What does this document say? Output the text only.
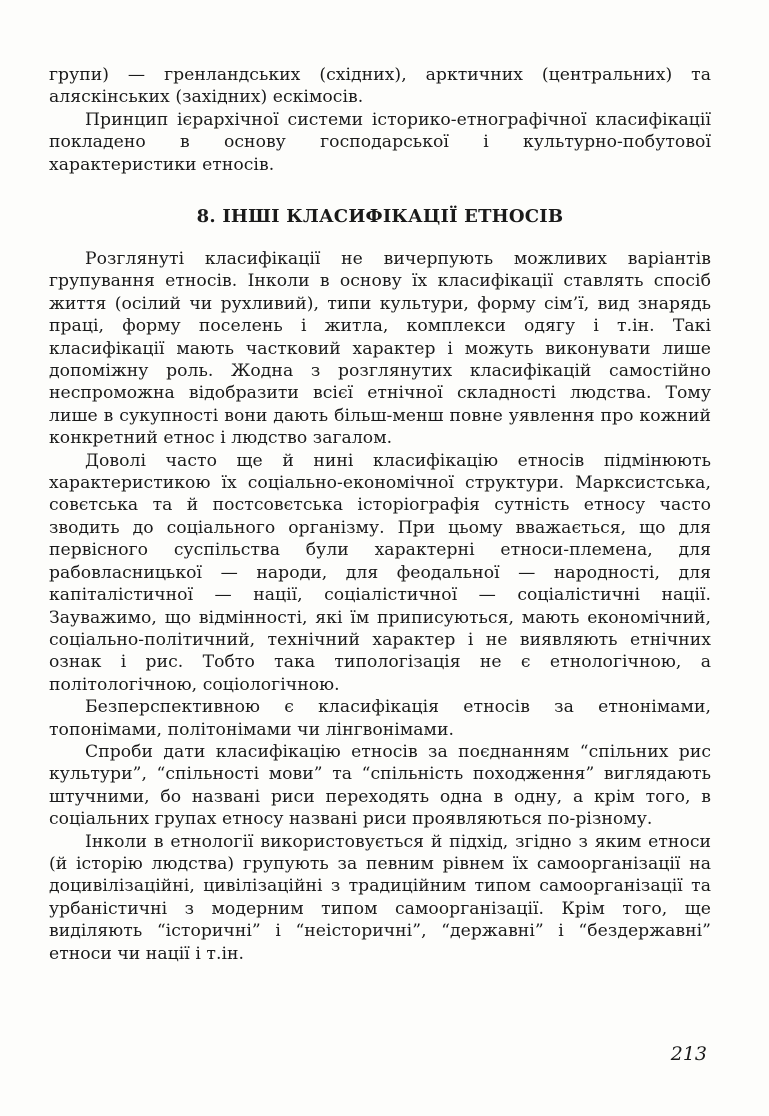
групи) — гренландських (східних), арктичних (центральних) та аляскінських (західних) ескімосів.

Принцип ієрархічної системи історико-етнографічної класифікації покладено в основу господарської і культурно-побутової характеристики етносів.

8. ІНШІ КЛАСИФІКАЦІЇ ЕТНОСІВ

Розглянуті класифікації не вичерпують можливих варіантів групування етносів. Інколи в основу їх класифікації ставлять спосіб життя (осілий чи рухливий), типи культури, форму сім’ї, вид знарядь праці, форму поселень і житла, комплекси одягу і т.ін. Такі класифікації мають частковий характер і можуть виконувати лише допоміжну роль. Жодна з розглянутих класифікацій самостійно неспроможна відобразити всієї етнічної складності людства. Тому лише в сукупності вони дають більш-менш повне уявлення про кожний конкретний етнос і людство загалом.

Доволі часто ще й нині класифікацію етносів підмінюють характеристикою їх соціально-економічної структури. Марксистська, совєтська та й постсовєтська історіографія сутність етносу часто зводить до соціального організму. При цьому вважається, що для первісного суспільства були характерні етноси-племена, для рабовласницької — народи, для феодальної — народності, для капіталістичної — нації, соціалістичної — соціалістичні нації. Зауважимо, що відмінності, які їм приписуються, мають економічний, соціально-політичний, технічний характер і не виявляють етнічних ознак і рис. Тобто така типологізація не є етнологічною, а політологічною, соціологічною.

Безперспективною є класифікація етносів за етнонімами, топонімами, політонімами чи лінгвонімами.

Спроби дати класифікацію етносів за поєднанням “спільних рис культури”, “спільності мови” та “спільність походження” виглядають штучними, бо названі риси переходять одна в одну, а крім того, в соціальних групах етносу названі риси проявляються по-різному.

Інколи в етнології використовується й підхід, згідно з яким етноси (й історію людства) групують за певним рівнем їх самоорганізації на доцивілізаційні, цивілізаційні з традиційним типом самоорганізації та урбаністичні з модерним типом самоорганізації. Крім того, ще виділяють “історичні” і “неісторичні”, “державні” і “бездержавні” етноси чи нації і т.ін.

213
